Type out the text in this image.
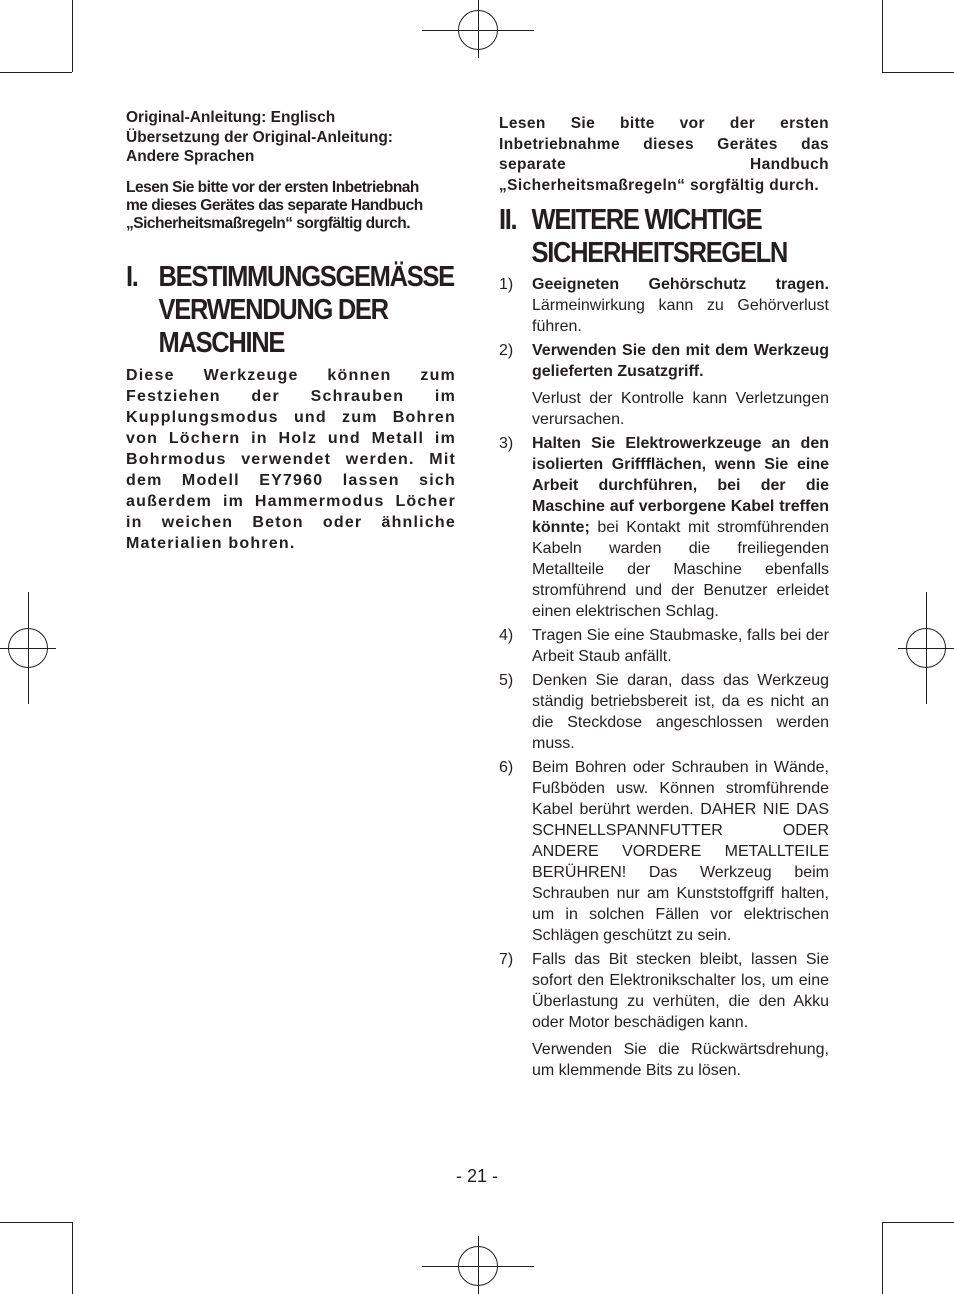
Original-Anleitung: Englisch

Übersetzung der Original-Anleitung:

Andere Sprachen

Lesen Sie bitte vor der ersten Inbetriebnah

me dieses Gerätes das separate Handbuch

„Sicherheitsmaßregeln“ sorgfältig durch.

I. BESTIMMUNGSGEMÄSSE VERWENDUNG DER MASCHINE

Diese Werkzeuge können zum Festziehen der Schrauben im Kupplungsmodus und zum Bohren von Löchern in Holz und Metall im Bohrmodus verwendet werden. Mit dem Modell EY7960 lassen sich außerdem im Hammermodus Löcher in weichen Beton oder ähnliche Materialien bohren.

Lesen Sie bitte vor der ersten Inbetriebnahme dieses Gerätes das separate Handbuch „Sicherheitsmaßregeln“ sorgfältig durch.

II. WEITERE WICHTIGE SICHERHEITSREGELN
1) Geeigneten Gehörschutz tragen. Lärmeinwirkung kann zu Gehörverlust führen.
2) Verwenden Sie den mit dem Werkzeug gelieferten Zusatzgriff.
Verlust der Kontrolle kann Verletzungen verursachen.
3) Halten Sie Elektrowerkzeuge an den isolierten Griffflächen, wenn Sie eine Arbeit durchführen, bei der die Maschine auf verborgene Kabel treffen könnte; bei Kontakt mit stromführenden Kabeln warden die freiliegenden Metallteile der Maschine ebenfalls stromführend und der Benutzer erleidet einen elektrischen Schlag.
4) Tragen Sie eine Staubmaske, falls bei der Arbeit Staub anfällt.
5) Denken Sie daran, dass das Werkzeug ständig betriebsbereit ist, da es nicht an die Steckdose angeschlossen werden muss.
6) Beim Bohren oder Schrauben in Wände, Fußböden usw. Können stromführende Kabel berührt werden. DAHER NIE DAS SCHNELLSPANNFUTTER ODER ANDERE VORDERE METALLTEILE BERÜHREN! Das Werkzeug beim Schrauben nur am Kunststoffgriff halten, um in solchen Fällen vor elektrischen Schlägen geschützt zu sein.
7) Falls das Bit stecken bleibt, lassen Sie sofort den Elektronikschalter los, um eine Überlastung zu verhüten, die den Akku oder Motor beschädigen kann.
Verwenden Sie die Rückwärtsdrehung, um klemmende Bits zu lösen.
- 21 -
